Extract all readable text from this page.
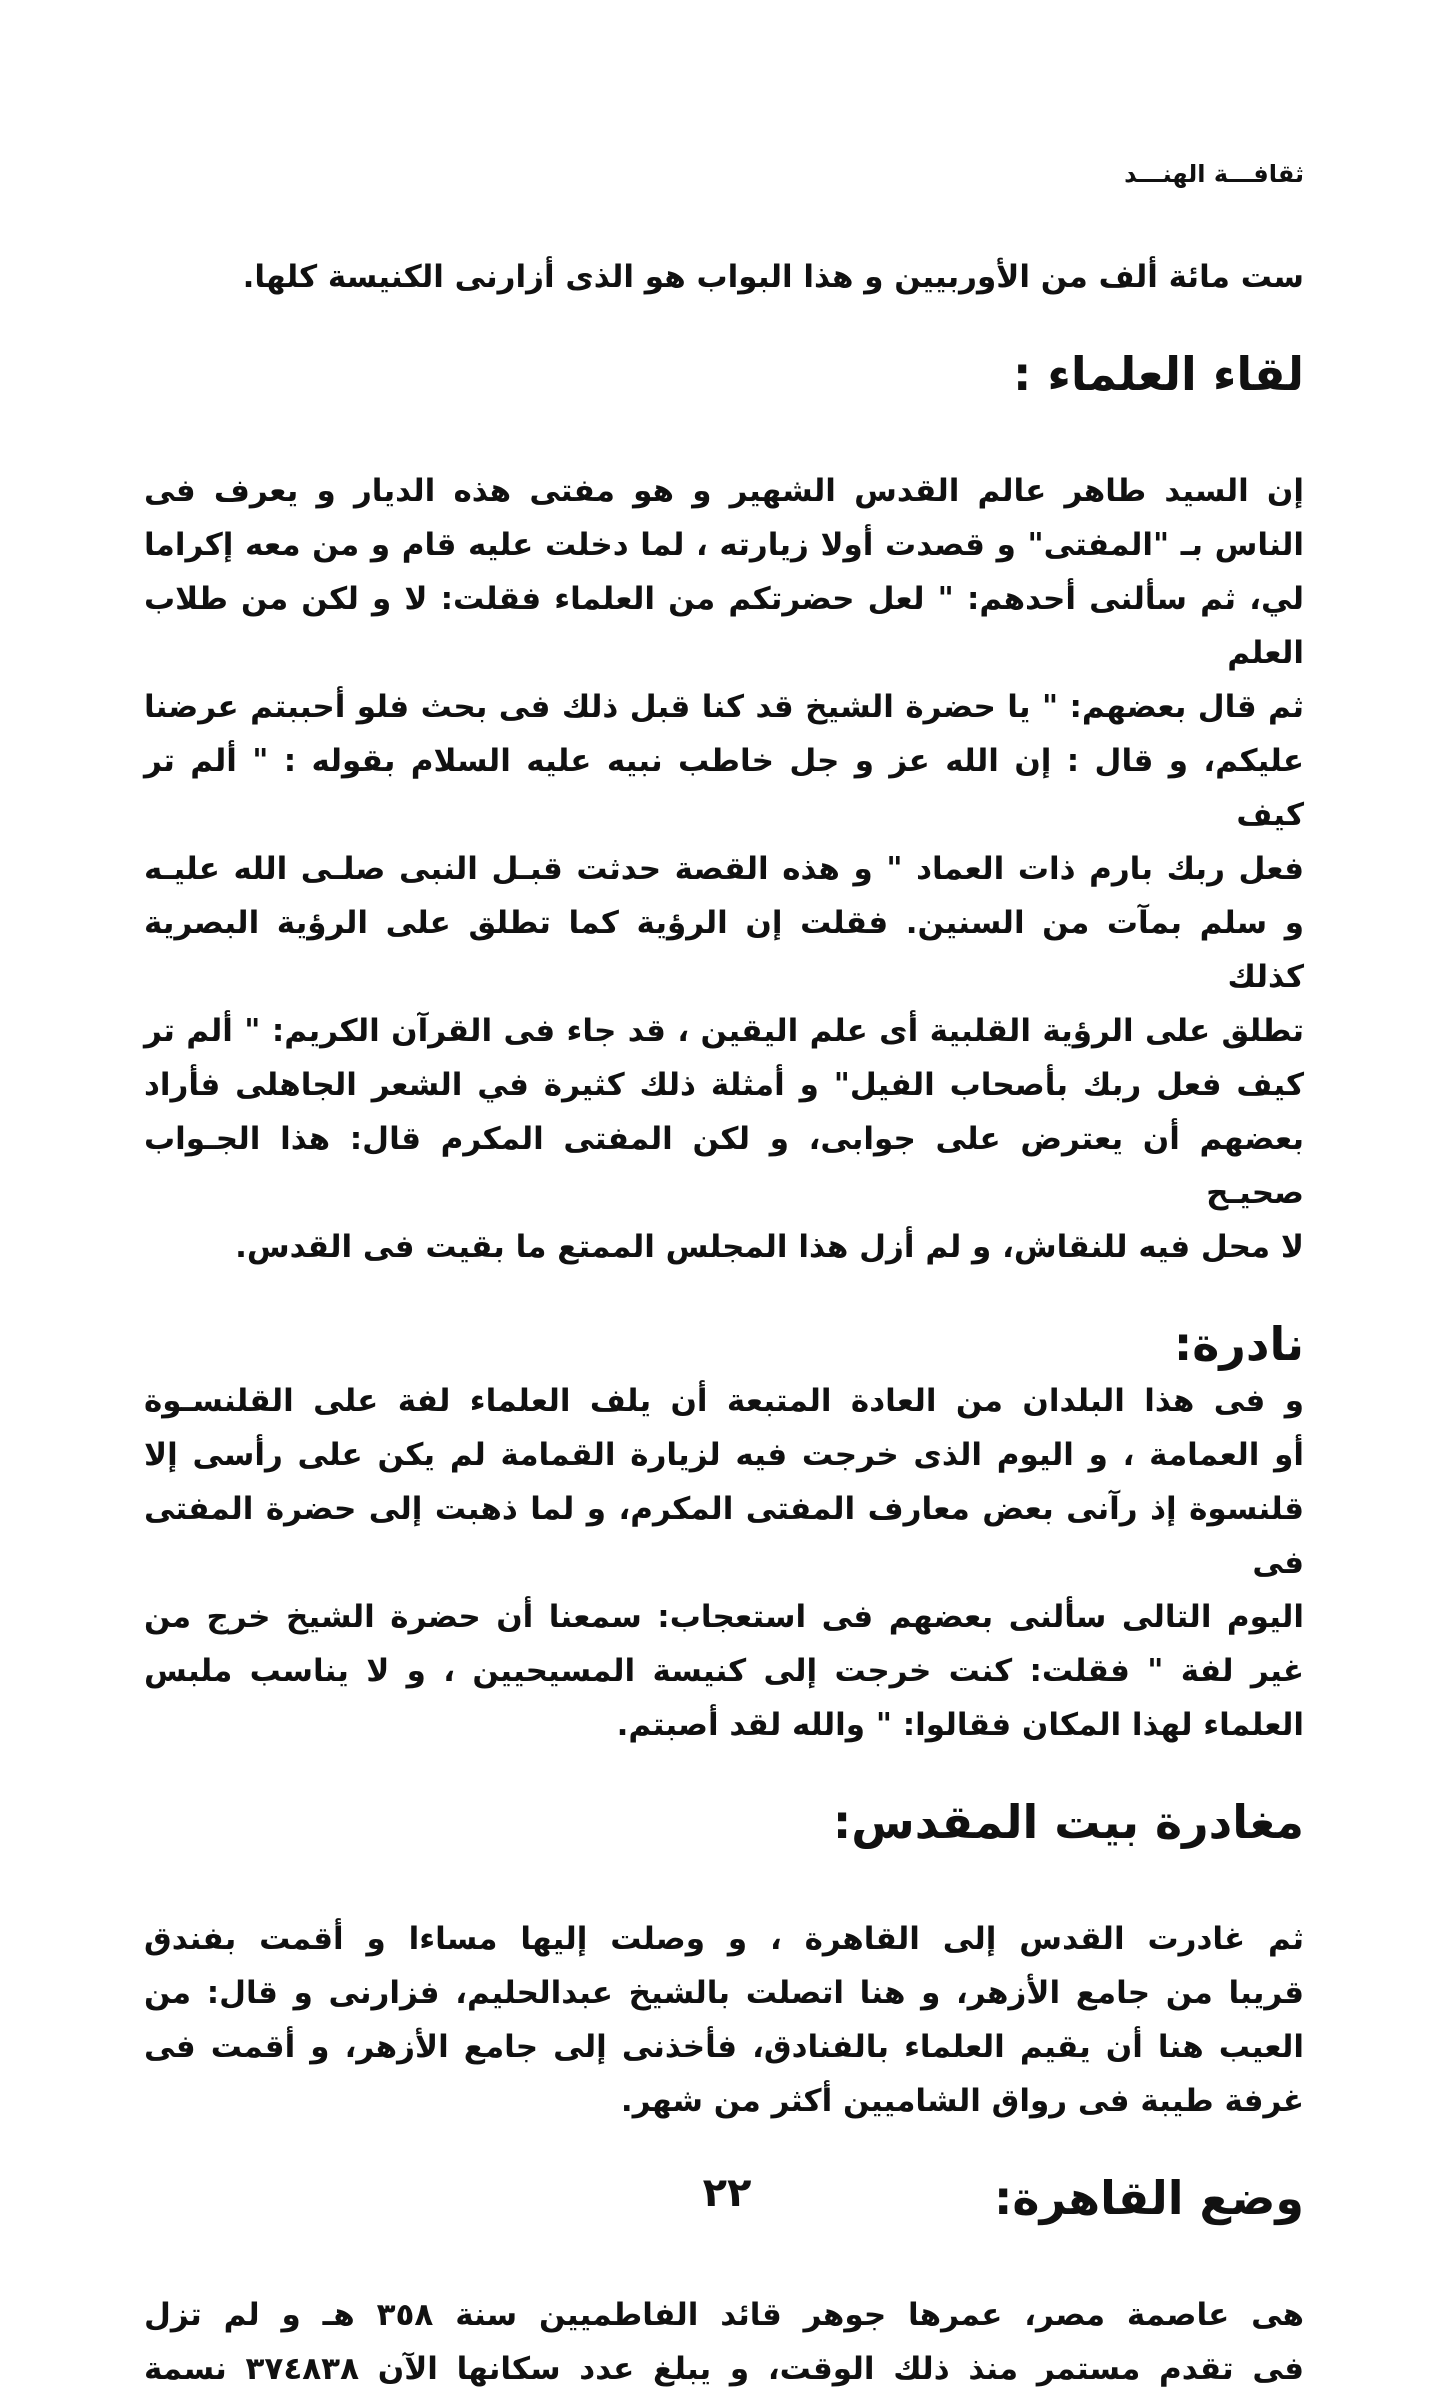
ثقافـــة الهنـــد

ست مائة ألف من الأوربيين و هذا البواب هو الذى أزارنى الكنيسة كلها.

لقاء العلماء :

إن السيد طاهر عالم القدس الشهير و هو مفتى هذه الديار و يعرف فى
الناس بـ "المفتى" و قصدت أولا زيارته ، لما دخلت عليه قام و من معه إكراما
لي، ثم سألنى أحدهم: " لعل حضرتكم من العلماء فقلت: لا و لكن من طلاب العلم
ثم قال بعضهم: " يا حضرة الشيخ قد كنا قبل ذلك فى بحث فلو أحببتم عرضنا
عليكم، و قال : إن الله عز و جل خاطب نبيه عليه السلام بقوله : " ألم تر كيف
فعل ربك بارم ذات العماد " و هذه القصة حدثت قبـل النبى صلـى الله عليـه
و سلم بمآت من السنين. فقلت إن الرؤية كما تطلق على الرؤية البصرية كذلك
تطلق على الرؤية القلبية أى علم اليقين ، قد جاء فى القرآن الكريم: " ألم تر
كيف فعل ربك بأصحاب الفيل" و أمثلة ذلك كثيرة في الشعر الجاهلى فأراد
بعضهم أن يعترض على جوابى، و لكن المفتى المكرم قال: هذا الجـواب صحيـح
لا محل فيه للنقاش، و لم أزل هذا المجلس الممتع ما بقيت فى القدس.

نادرة:

و فى هذا البلدان من العادة المتبعة أن يلف العلماء لفة على القلنسـوة
أو العمامة ، و اليوم الذى خرجت فيه لزيارة القمامة لم يكن على رأسى إلا
قلنسوة إذ رآنى بعض معارف المفتى المكرم، و لما ذهبت إلى حضرة المفتى فى
اليوم التالى سألنى بعضهم فى استعجاب: سمعنا أن حضرة الشيخ خرج من
غير لفة " فقلت: كنت خرجت إلى كنيسة المسيحيين ، و لا يناسب ملبس
العلماء لهذا المكان فقالوا: " والله لقد أصبتم.

مغادرة بيت المقدس:

ثم غادرت القدس إلى القاهرة ، و وصلت إليها مساءا و أقمت بفندق
قريبا من جامع الأزهر، و هنا اتصلت بالشيخ عبدالحليم، فزارنى و قال: من
العيب هنا أن يقيم العلماء بالفنادق، فأخذنى إلى جامع الأزهر، و أقمت فى
غرفة طيبة فى رواق الشاميين أكثر من شهر.

وضع القاهرة:

هى عاصمة مصر، عمرها جوهر قائد الفاطميين سنة ٣٥٨ هـ و لم تزل
فى تقدم مستمر منذ ذلك الوقت، و يبلغ عدد سكانها الآن ٣٧٤٨٣٨ نسمة

٢٢
